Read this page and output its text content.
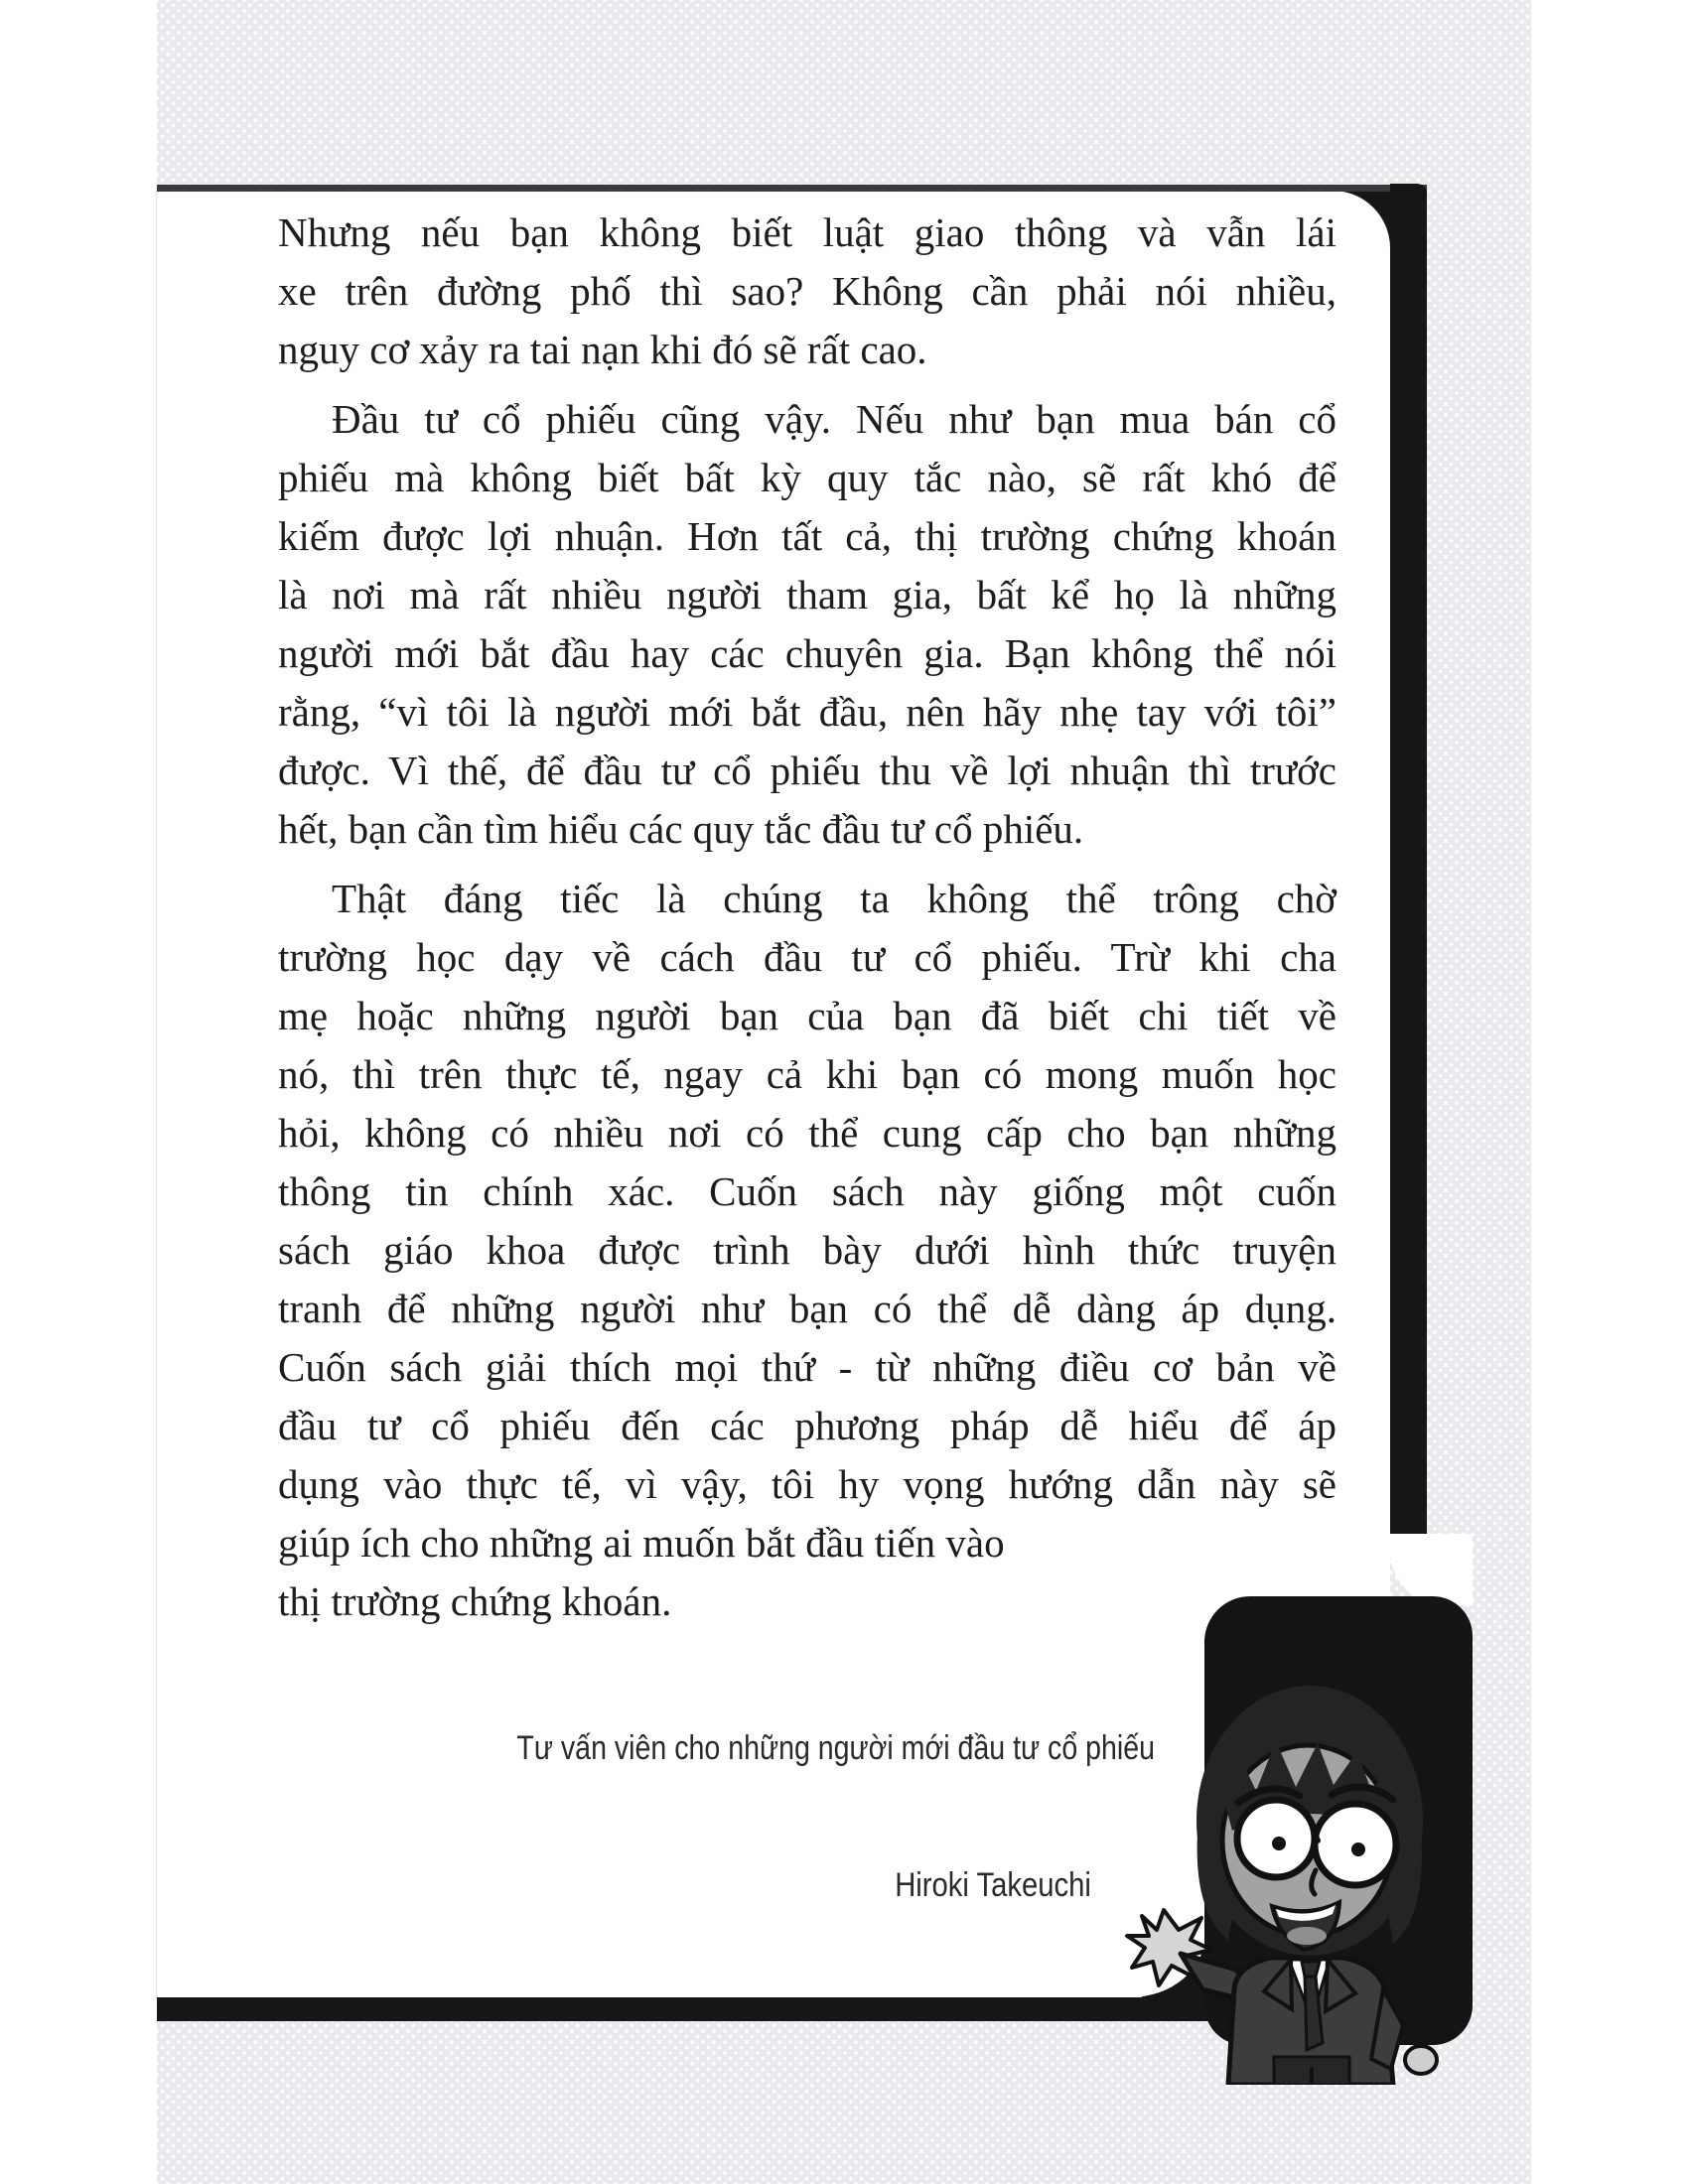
Nhưng nếu bạn không biết luật giao thông và vẫn lái
xe trên đường phố thì sao? Không cần phải nói nhiều,
nguy cơ xảy ra tai nạn khi đó sẽ rất cao.
Đầu tư cổ phiếu cũng vậy. Nếu như bạn mua bán cổ
phiếu mà không biết bất kỳ quy tắc nào, sẽ rất khó để
kiếm được lợi nhuận. Hơn tất cả, thị trường chứng khoán
là nơi mà rất nhiều người tham gia, bất kể họ là những
người mới bắt đầu hay các chuyên gia. Bạn không thể nói
rằng, “vì tôi là người mới bắt đầu, nên hãy nhẹ tay với tôi”
được. Vì thế, để đầu tư cổ phiếu thu về lợi nhuận thì trước
hết, bạn cần tìm hiểu các quy tắc đầu tư cổ phiếu.
Thật đáng tiếc là chúng ta không thể trông chờ
trường học dạy về cách đầu tư cổ phiếu. Trừ khi cha
mẹ hoặc những người bạn của bạn đã biết chi tiết về
nó, thì trên thực tế, ngay cả khi bạn có mong muốn học
hỏi, không có nhiều nơi có thể cung cấp cho bạn những
thông tin chính xác. Cuốn sách này giống một cuốn
sách giáo khoa được trình bày dưới hình thức truyện
tranh để những người như bạn có thể dễ dàng áp dụng.
Cuốn sách giải thích mọi thứ - từ những điều cơ bản về
đầu tư cổ phiếu đến các phương pháp dễ hiểu để áp
dụng vào thực tế, vì vậy, tôi hy vọng hướng dẫn này sẽ
giúp ích cho những ai muốn bắt đầu tiến vào
thị trường chứng khoán.
Tư vấn viên cho những người mới đầu tư cổ phiếu
Hiroki Takeuchi
